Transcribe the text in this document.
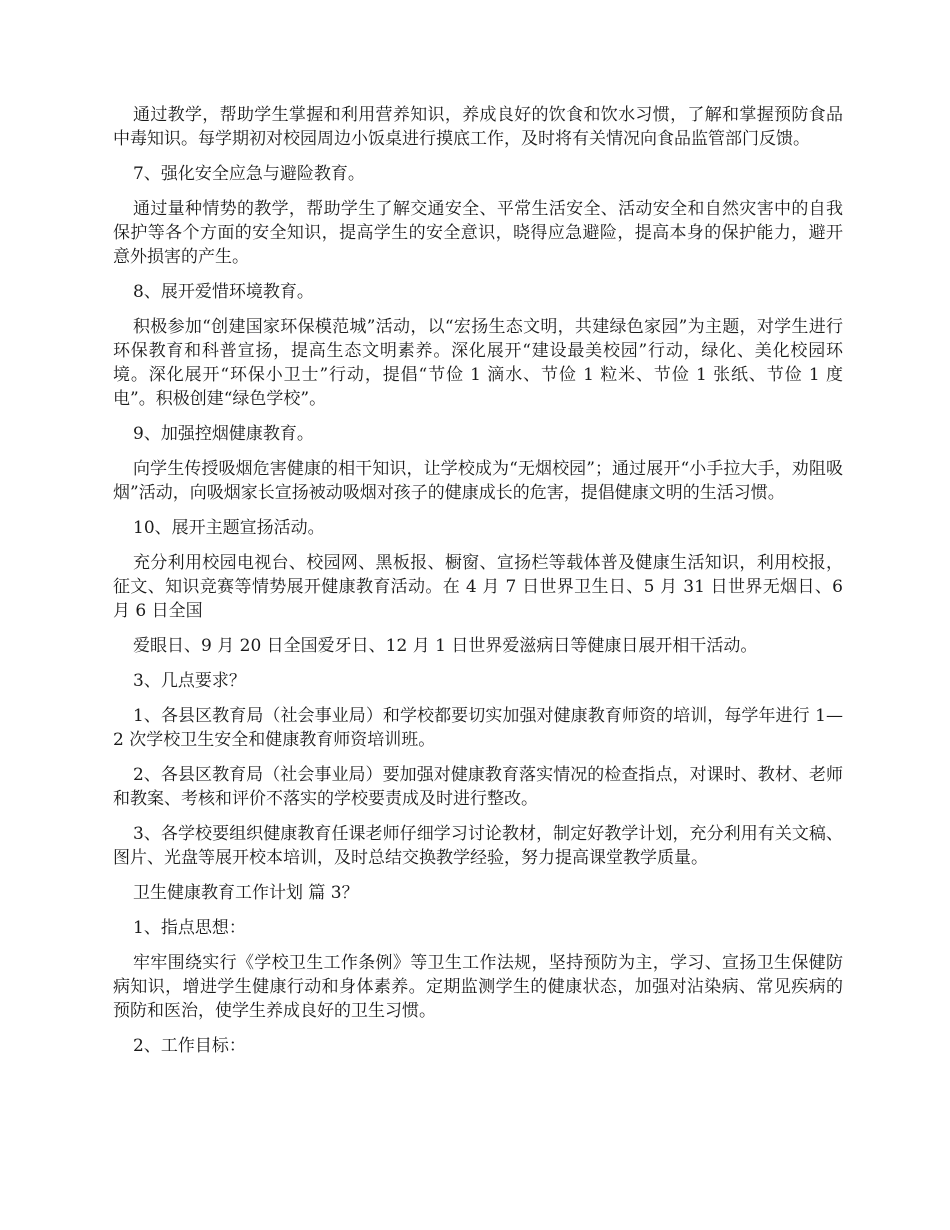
通过教学，帮助学生掌握和利用营养知识，养成良好的饮食和饮水习惯，了解和掌握预防食品中毒知识。每学期初对校园周边小饭桌进行摸底工作，及时将有关情况向食品监管部门反馈。

7、强化安全应急与避险教育。

通过量种情势的教学，帮助学生了解交通安全、平常生活安全、活动安全和自然灾害中的自我保护等各个方面的安全知识，提高学生的安全意识，晓得应急避险，提高本身的保护能力，避开意外损害的产生。

8、展开爱惜环境教育。

积极参加“创建国家环保模范城”活动，以“宏扬生态文明，共建绿色家园”为主题，对学生进行环保教育和科普宣扬，提高生态文明素养。深化展开“建设最美校园”行动，绿化、美化校园环境。深化展开“环保小卫士”行动，提倡“节俭 1 滴水、节俭 1 粒米、节俭 1 张纸、节俭 1 度电”。积极创建“绿色学校”。

9、加强控烟健康教育。

向学生传授吸烟危害健康的相干知识，让学校成为“无烟校园”；通过展开“小手拉大手，劝阻吸烟”活动，向吸烟家长宣扬被动吸烟对孩子的健康成长的危害，提倡健康文明的生活习惯。

10、展开主题宣扬活动。

充分利用校园电视台、校园网、黑板报、橱窗、宣扬栏等载体普及健康生活知识，利用校报，征文、知识竞赛等情势展开健康教育活动。在 4 月 7 日世界卫生日、5 月 31 日世界无烟日、6 月 6 日全国

爱眼日、9 月 20 日全国爱牙日、12 月 1 日世界爱滋病日等健康日展开相干活动。

3、几点要求？

1、各县区教育局（社会事业局）和学校都要切实加强对健康教育师资的培训，每学年进行 1—2 次学校卫生安全和健康教育师资培训班。

2、各县区教育局（社会事业局）要加强对健康教育落实情况的检查指点，对课时、教材、老师和教案、考核和评价不落实的学校要责成及时进行整改。

3、各学校要组织健康教育任课老师仔细学习讨论教材，制定好教学计划，充分利用有关文稿、图片、光盘等展开校本培训，及时总结交换教学经验，努力提高课堂教学质量。

卫生健康教育工作计划 篇 3？

1、指点思想：

牢牢围绕实行《学校卫生工作条例》等卫生工作法规，坚持预防为主，学习、宣扬卫生保健防病知识，增进学生健康行动和身体素养。定期监测学生的健康状态，加强对沾染病、常见疾病的预防和医治，使学生养成良好的卫生习惯。

2、工作目标：
